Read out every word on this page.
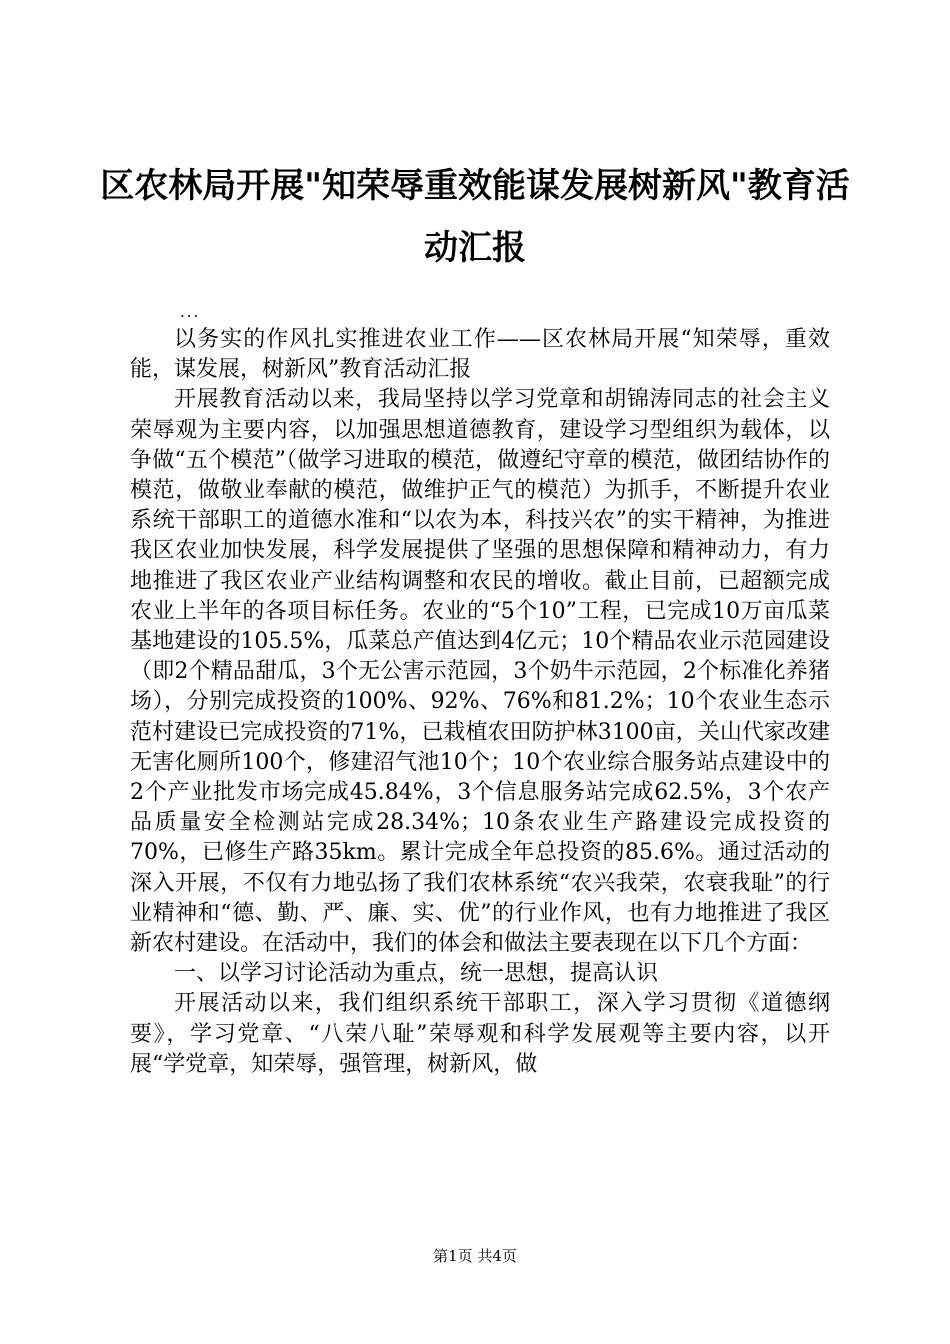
区农林局开展"知荣辱重效能谋发展树新风"教育活动汇报
...

以务实的作风扎实推进农业工作——区农林局开展“知荣辱，重效能，谋发展，树新风”教育活动汇报

开展教育活动以来，我局坚持以学习党章和胡锦涛同志的社会主义荣辱观为主要内容，以加强思想道德教育，建设学习型组织为载体，以争做“五个模范”（做学习进取的模范，做遵纪守章的模范，做团结协作的模范，做敬业奉献的模范，做维护正气的模范）为抓手，不断提升农业系统干部职工的道德水准和“以农为本，科技兴农”的实干精神，为推进我区农业加快发展，科学发展提供了坚强的思想保障和精神动力，有力地推进了我区农业产业结构调整和农民的增收。截止目前，已超额完成农业上半年的各项目标任务。农业的“5个10”工程，已完成10万亩瓜菜基地建设的105.5%，瓜菜总产值达到4亿元；10个精品农业示范园建设（即2个精品甜瓜，3个无公害示范园，3个奶牛示范园，2个标准化养猪场），分别完成投资的100%、92%、76%和81.2%；10个农业生态示范村建设已完成投资的71%，已栽植农田防护林3100亩，关山代家改建无害化厕所100个，修建沼气池10个；10个农业综合服务站点建设中的2个产业批发市场完成45.84%，3个信息服务站完成62.5%，3个农产品质量安全检测站完成28.34%；10条农业生产路建设完成投资的70%，已修生产路35km。累计完成全年总投资的85.6%。通过活动的深入开展，不仅有力地弘扬了我们农林系统“农兴我荣，农衰我耻”的行业精神和“德、勤、严、廉、实、优”的行业作风，也有力地推进了我区新农村建设。在活动中，我们的体会和做法主要表现在以下几个方面：

一、以学习讨论活动为重点，统一思想，提高认识

开展活动以来，我们组织系统干部职工，深入学习贯彻《道德纲要》，学习党章、“八荣八耻”荣辱观和科学发展观等主要内容，以开展“学党章，知荣辱，强管理，树新风，做

第1页 共4页
